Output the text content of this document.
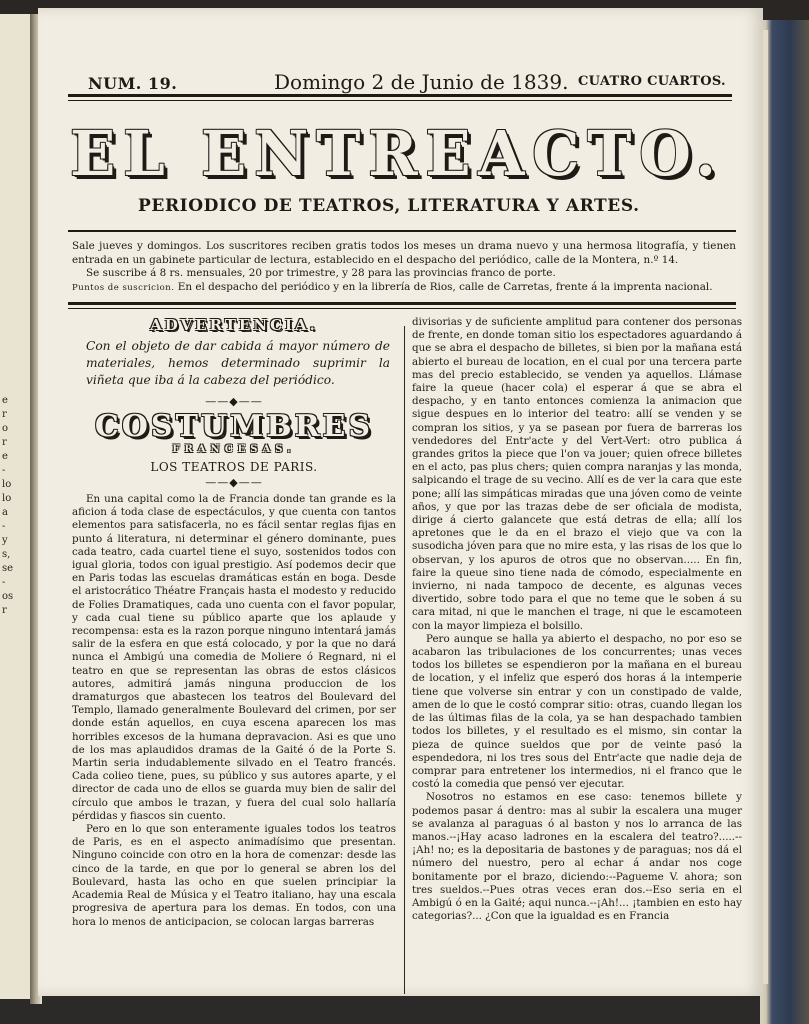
e
r
o
r
e
-
lo
lo
a
-
y
s,
se
-
os
r
NUM. 19.	Domingo 2 de Junio de 1839. CUATRO CUARTOS.
EL ENTREACTO.
PERIODICO DE TEATROS, LITERATURA Y ARTES.

Sale jueves y domingos. Los suscritores reciben gratis todos los meses un drama nuevo y una hermosa litografía, y tienen entrada en un gabinete particular de lectura, establecido en el despacho del periódico, calle de la Montera, n.º 14.

Se suscribe á 8 rs. mensuales, 20 por trimestre, y 28 para las provincias franco de porte.

Puntos de suscricion. En el despacho del periódico y en la librería de Rios, calle de Carretas, frente á la imprenta nacional.

ADVERTENCIA.
Con el objeto de dar cabida á mayor número de materiales, hemos determinado suprimir la viñeta que iba á la cabeza del periódico.
——◆——
COSTUMBRES
FRANCESAS.
LOS TEATROS DE PARIS.
——◆——

En una capital como la de Francia donde tan grande es la aficion á toda clase de espectáculos, y que cuenta con tantos elementos para satisfacerla, no es fácil sentar reglas fijas en punto á literatura, ni determinar el género dominante, pues cada teatro, cada cuartel tiene el suyo, sostenidos todos con igual gloria, todos con igual prestigio. Así podemos decir que en Paris todas las escuelas dramáticas están en boga. Desde el aristocrático Théatre Français hasta el modesto y reducido de Folies Dramatiques, cada uno cuenta con el favor popular, y cada cual tiene su público aparte que los aplaude y recompensa: esta es la razon porque ninguno intentará jamás salir de la esfera en que está colocado, y por la que no dará nunca el Ambigú una comedia de Moliere ó Regnard, ni el teatro en que se representan las obras de estos clásicos autores, admitirá jamás ninguna produccion de los dramaturgos que abastecen los teatros del Boulevard del Templo, llamado generalmente Boulevard del crimen, por ser donde están aquellos, en cuya escena aparecen los mas horribles excesos de la humana depravacion. Asi es que uno de los mas aplaudidos dramas de la Gaité ó de la Porte S. Martin seria indudablemente silvado en el Teatro francés. Cada colieo tiene, pues, su público y sus autores aparte, y el director de cada uno de ellos se guarda muy bien de salir del círculo que ambos le trazan, y fuera del cual solo hallaría pérdidas y fiascos sin cuento.

Pero en lo que son enteramente iguales todos los teatros de Paris, es en el aspecto animadísimo que presentan. Ninguno coincide con otro en la hora de comenzar: desde las cinco de la tarde, en que por lo general se abren los del Boulevard, hasta las ocho en que suelen principiar la Academia Real de Música y el Teatro italiano, hay una escala progresiva de apertura para los demas. En todos, con una hora lo menos de anticipacion, se colocan largas barreras

divisorias y de suficiente amplitud para contener dos personas de frente, en donde toman sitio los espectadores aguardando á que se abra el despacho de billetes, si bien por la mañana está abierto el bureau de location, en el cual por una tercera parte mas del precio establecido, se venden ya aquellos. Llámase faire la queue (hacer cola) el esperar á que se abra el despacho, y en tanto entonces comienza la animacion que sigue despues en lo interior del teatro: allí se venden y se compran los sitios, y ya se pasean por fuera de barreras los vendedores del Entr'acte y del Vert-Vert: otro publica á grandes gritos la piece que l'on va jouer; quien ofrece billetes en el acto, pas plus chers; quien compra naranjas y las monda, salpicando el trage de su vecino. Allí es de ver la cara que este pone; allí las simpáticas miradas que una jóven como de veinte años, y que por las trazas debe de ser oficiala de modista, dirige á cierto galancete que está detras de ella; allí los apretones que le da en el brazo el viejo que va con la susodicha jóven para que no mire esta, y las risas de los que lo observan, y los apuros de otros que no observan..... En fin, faire la queue sino tiene nada de cómodo, especialmente en invierno, ni nada tampoco de decente, es algunas veces divertido, sobre todo para el que no teme que le soben á su cara mitad, ni que le manchen el trage, ni que le escamoteen con la mayor limpieza el bolsillo.

Pero aunque se halla ya abierto el despacho, no por eso se acabaron las tribulaciones de los concurrentes; unas veces todos los billetes se espendieron por la mañana en el bureau de location, y el infeliz que esperó dos horas á la intemperie tiene que volverse sin entrar y con un constipado de valde, amen de lo que le costó comprar sitio: otras, cuando llegan los de las últimas filas de la cola, ya se han despachado tambien todos los billetes, y el resultado es el mismo, sin contar la pieza de quince sueldos que por de veinte pasó la espendedora, ni los tres sous del Entr'acte que nadie deja de comprar para entretener los intermedios, ni el franco que le costó la comedia que pensó ver ejecutar.

Nosotros no estamos en ese caso: tenemos billete y podemos pasar á dentro: mas al subir la escalera una muger se avalanza al paraguas ó al baston y nos lo arranca de las manos.--¡Hay acaso ladrones en la escalera del teatro?.....--¡Ah! no; es la depositaria de bastones y de paraguas; nos dá el número del nuestro, pero al echar á andar nos coge bonitamente por el brazo, diciendo:--Pagueme V. ahora; son tres sueldos.--Pues otras veces eran dos.--Eso seria en el Ambigú ó en la Gaité; aqui nunca.--¡Ah!... ¡tambien en esto hay categorias?... ¿Con que la igualdad es en Francia
